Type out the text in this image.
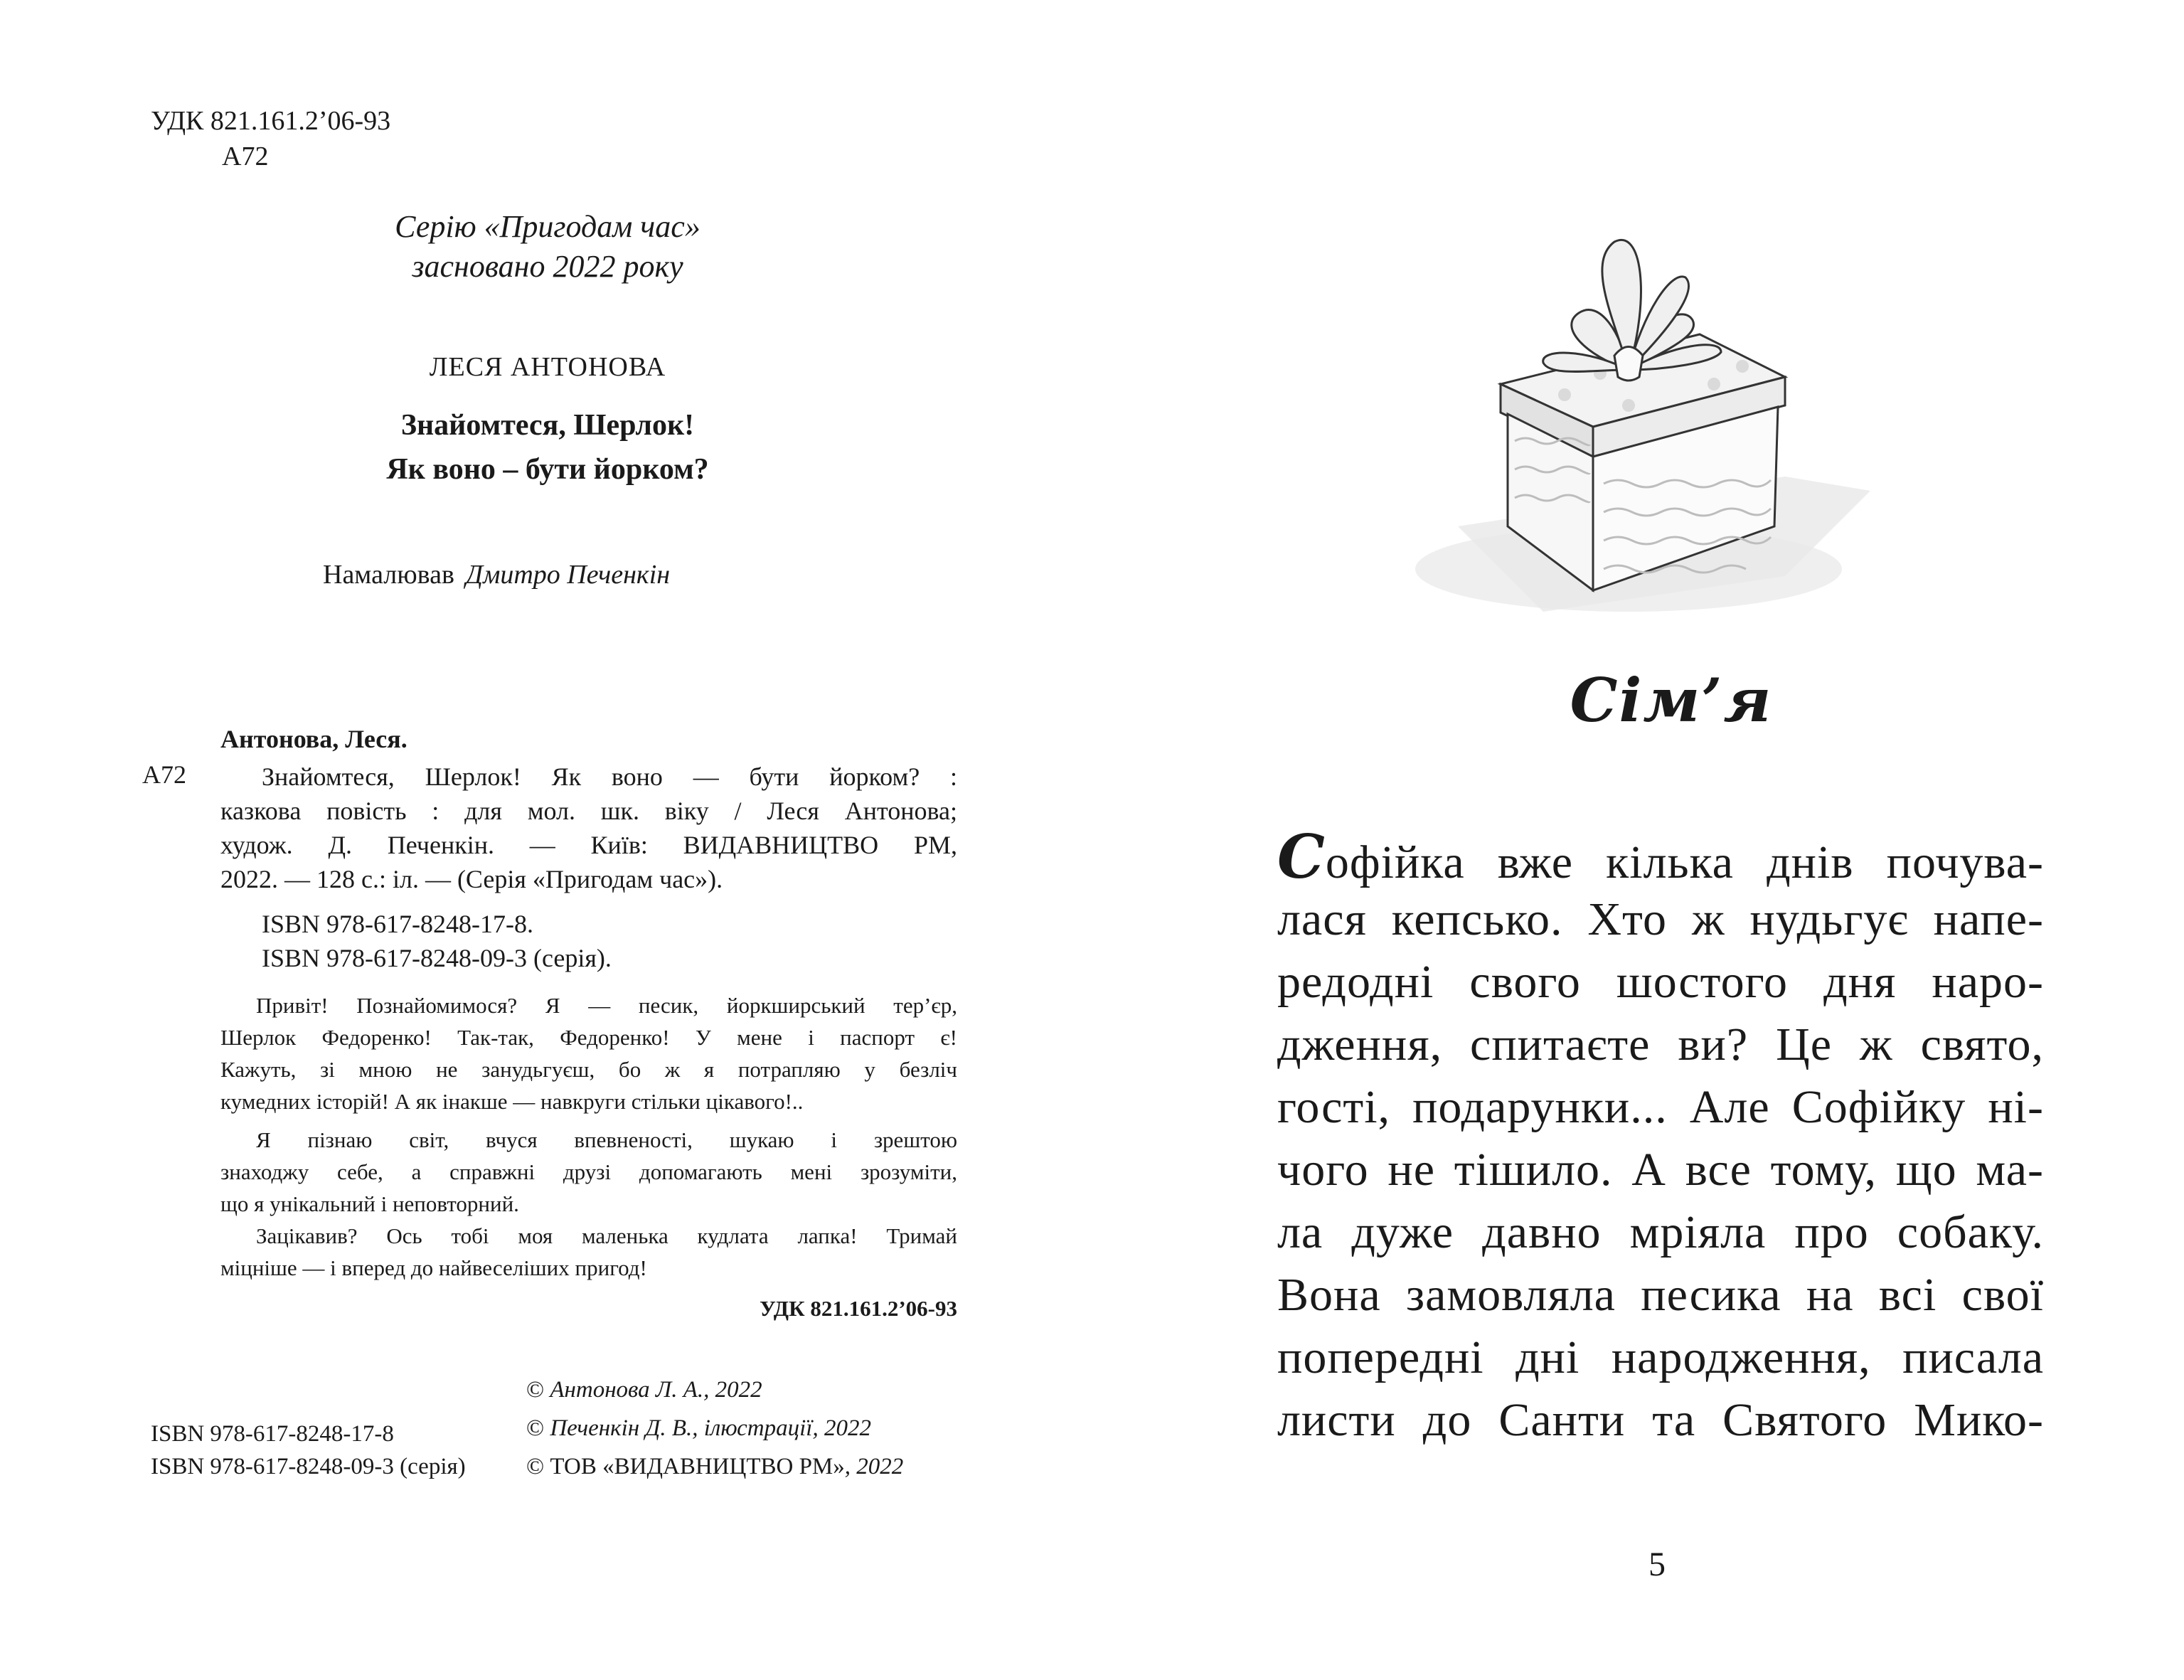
УДК 821.161.2’06-93

А72

Серію «Пригодам час»

засновано 2022 року

ЛЕСЯ АНТОНОВА

Знайомтеся, Шерлок!

Як воно – бути йорком?

Намалював Дмитро Печенкін

Антонова, Леся.

А72	Знайомтеся, Шерлок! Як воно — бути йорком? :

казкова повість : для мол. шк. віку / Леся Антонова;

худож. Д. Печенкін. — Київ: ВИДАВНИЦТВО РМ,

2022. — 128 с.: іл. — (Серія «Пригодам час»).

ISBN 978-617-8248-17-8.

ISBN 978-617-8248-09-3 (серія).

Привіт! Познайомимося? Я — песик, йоркширський тер’єр,

Шерлок Федоренко! Так-так, Федоренко! У мене і паспорт є!

Кажуть, зі мною не занудьгуєш, бо ж я потрапляю у безліч

кумедних історій! А як інакше — навкруги стільки цікавого!..

Я пізнаю світ, вчуся впевненості, шукаю і зрештою

знаходжу себе, а справжні друзі допомагають мені зрозуміти,

що я унікальний і неповторний.

Зацікавив? Ось тобі моя маленька кудлата лапка! Тримай

міцніше — і вперед до найвеселіших пригод!

УДК 821.161.2’06-93

ISBN 978-617-8248-17-8

ISBN 978-617-8248-09-3 (серія)

© Антонова Л. А., 2022

© Печенкін Д. В., ілюстрації, 2022

© ТОВ «ВИДАВНИЦТВО РМ», 2022

Сім’я

Софійка вже кілька днів почува-

лася кепсько. Хто ж нудьгує напе-

редодні свого шостого дня наро-

дження, спитаєте ви? Це ж свято,

гості, подарунки... Але Софійку ні-

чого не тішило. А все тому, що ма-

ла дуже давно мріяла про собаку.

Вона замовляла песика на всі свої

попередні дні народження, писала

листи до Санти та Святого Мико-

5
